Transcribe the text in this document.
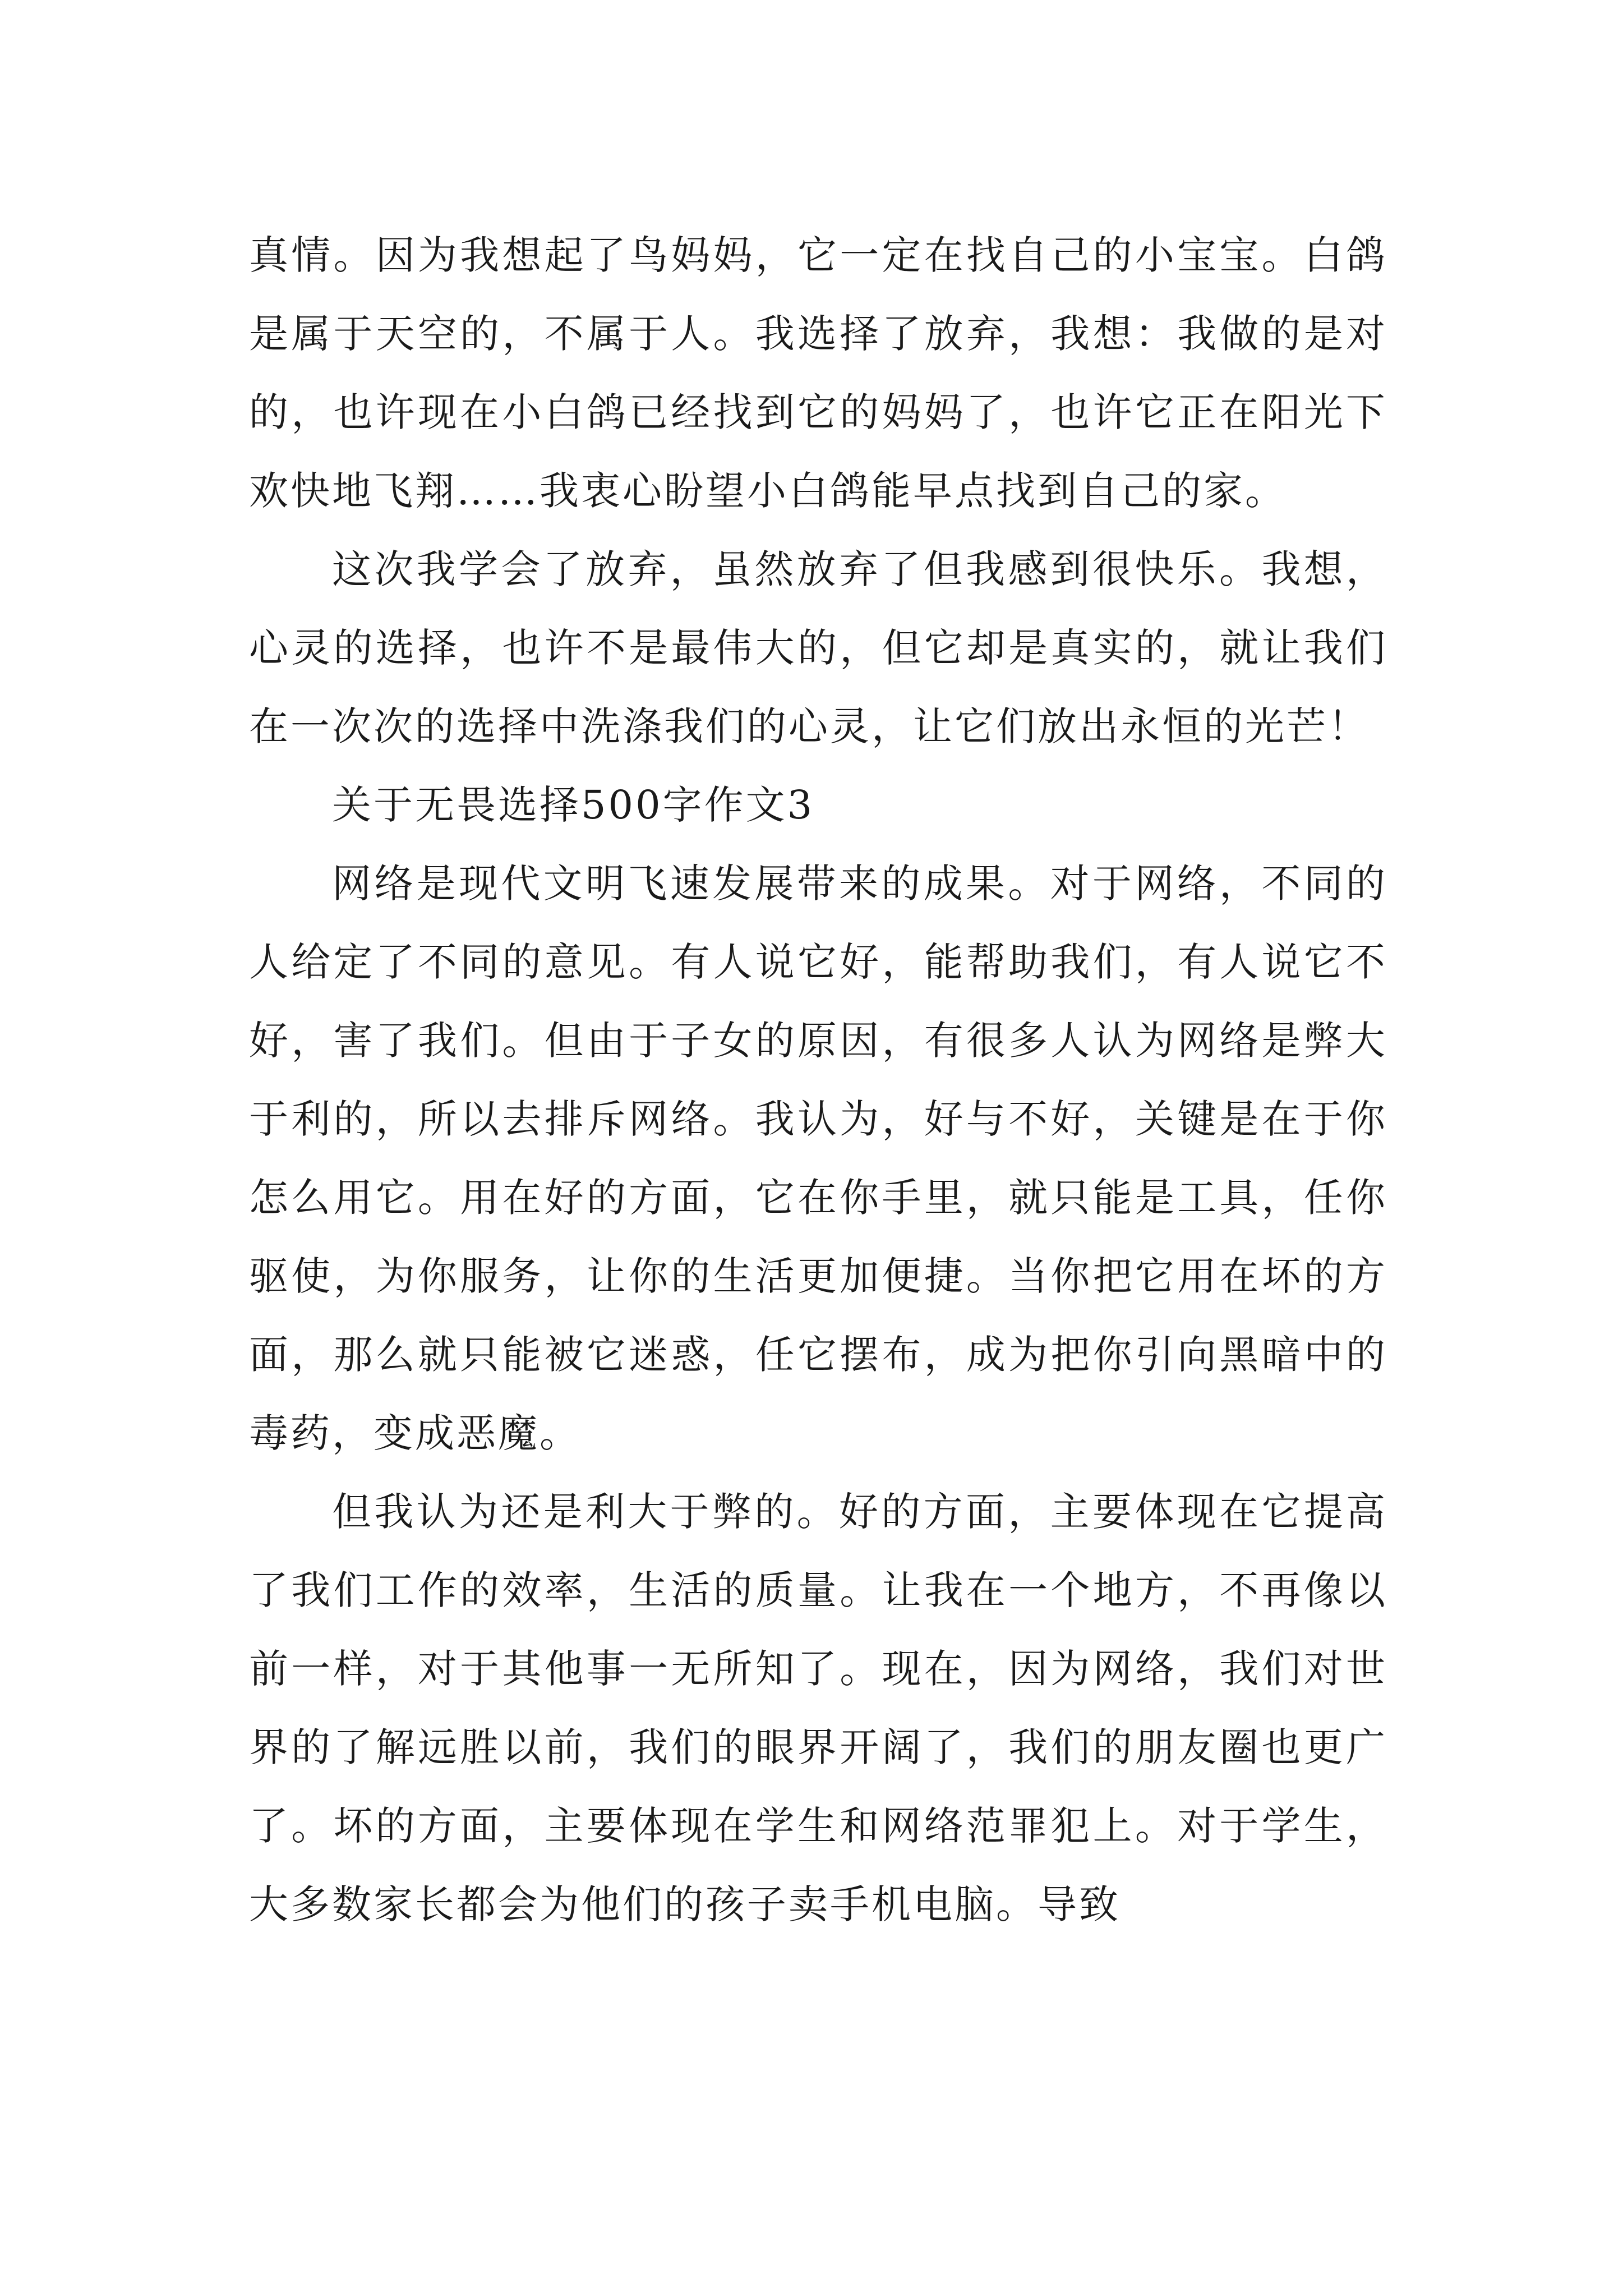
真情。因为我想起了鸟妈妈，它一定在找自己的小宝宝。白鸽是属于天空的，不属于人。我选择了放弃，我想：我做的是对的，也许现在小白鸽已经找到它的妈妈了，也许它正在阳光下欢快地飞翔……我衷心盼望小白鸽能早点找到自己的家。

这次我学会了放弃，虽然放弃了但我感到很快乐。我想，心灵的选择，也许不是最伟大的，但它却是真实的，就让我们在一次次的选择中洗涤我们的心灵，让它们放出永恒的光芒！

关于无畏选择500字作文3

网络是现代文明飞速发展带来的成果。对于网络，不同的人给定了不同的意见。有人说它好，能帮助我们，有人说它不好，害了我们。但由于子女的原因，有很多人认为网络是弊大于利的，所以去排斥网络。我认为，好与不好，关键是在于你怎么用它。用在好的方面，它在你手里，就只能是工具，任你驱使，为你服务，让你的生活更加便捷。当你把它用在坏的方面，那么就只能被它迷惑，任它摆布，成为把你引向黑暗中的毒药，变成恶魔。

但我认为还是利大于弊的。好的方面，主要体现在它提高了我们工作的效率，生活的质量。让我在一个地方，不再像以前一样，对于其他事一无所知了。现在，因为网络，我们对世界的了解远胜以前，我们的眼界开阔了，我们的朋友圈也更广了。坏的方面，主要体现在学生和网络范罪犯上。对于学生，大多数家长都会为他们的孩子卖手机电脑。导致
